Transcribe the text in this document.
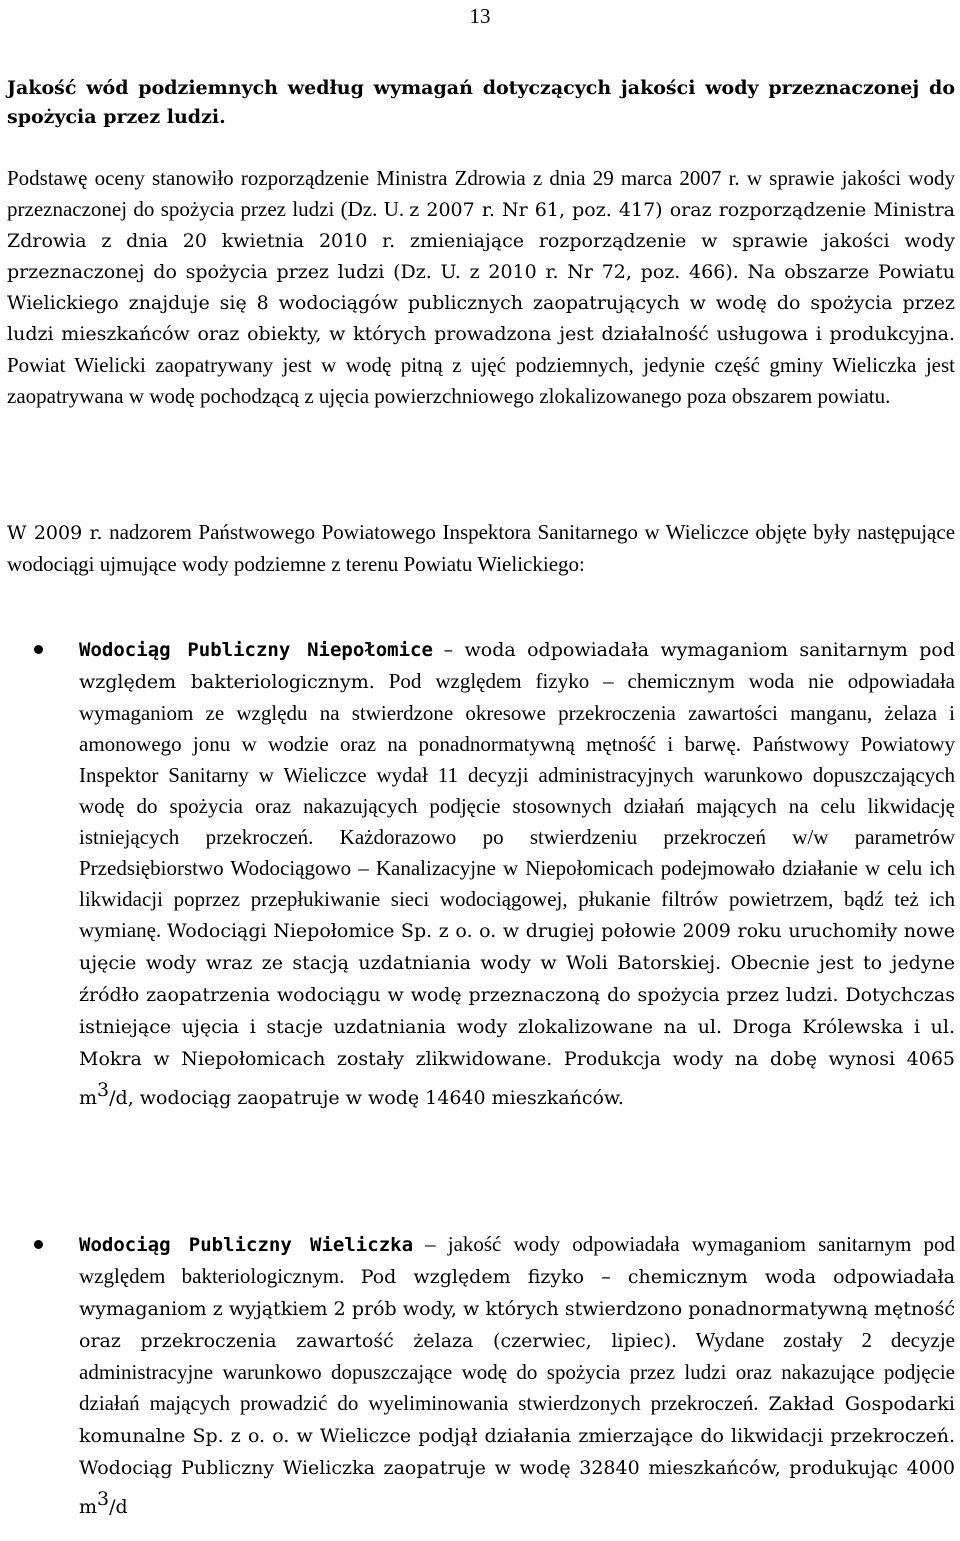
13

Jakość wód podziemnych według wymagań dotyczących jakości wody przeznaczonej do spożycia przez ludzi.

Podstawę oceny stanowiło rozporządzenie Ministra Zdrowia z dnia 29 marca 2007 r. w sprawie jakości wody przeznaczonej do spożycia przez ludzi (Dz. U. z 2007 r. Nr 61, poz. 417) oraz rozporządzenie Ministra Zdrowia z dnia 20 kwietnia 2010 r. zmieniające rozporządzenie w sprawie jakości wody przeznaczonej do spożycia przez ludzi (Dz. U. z 2010 r. Nr 72, poz. 466). Na obszarze Powiatu Wielickiego znajduje się 8 wodociągów publicznych zaopatrujących w wodę do spożycia przez ludzi mieszkańców oraz obiekty, w których prowadzona jest działalność usługowa i produkcyjna. Powiat Wielicki zaopatrywany jest w wodę pitną z ujęć podziemnych, jedynie część gminy Wieliczka jest zaopatrywana w wodę pochodzącą z ujęcia powierzchniowego zlokalizowanego poza obszarem powiatu.

W 2009 r. nadzorem Państwowego Powiatowego Inspektora Sanitarnego w Wieliczce objęte były następujące wodociągi ujmujące wody podziemne z terenu Powiatu Wielickiego:

Wodociąg Publiczny Niepołomice – woda odpowiadała wymaganiom sanitarnym pod względem bakteriologicznym. Pod względem fizyko – chemicznym woda nie odpowiadała wymaganiom ze względu na stwierdzone okresowe przekroczenia zawartości manganu, żelaza i amonowego jonu w wodzie oraz na ponadnormatywną mętność i barwę. Państwowy Powiatowy Inspektor Sanitarny w Wieliczce wydał 11 decyzji administracyjnych warunkowo dopuszczających wodę do spożycia oraz nakazujących podjęcie stosownych działań mających na celu likwidację istniejących przekroczeń. Każdorazowo po stwierdzeniu przekroczeń w/w parametrów Przedsiębiorstwo Wodociągowo – Kanalizacyjne w Niepołomicach podejmowało działanie w celu ich likwidacji poprzez przepłukiwanie sieci wodociągowej, płukanie filtrów powietrzem, bądź też ich wymianę. Wodociągi Niepołomice Sp. z o. o. w drugiej połowie 2009 roku uruchomiły nowe ujęcie wody wraz ze stacją uzdatniania wody w Woli Batorskiej. Obecnie jest to jedyne źródło zaopatrzenia wodociągu w wodę przeznaczoną do spożycia przez ludzi. Dotychczas istniejące ujęcia i stacje uzdatniania wody zlokalizowane na ul. Droga Królewska i ul. Mokra w Niepołomicach zostały zlikwidowane. Produkcja wody na dobę wynosi 4065 $m^3/d$, wodociąg zaopatruje w wodę 14640 mieszkańców.

Wodociąg Publiczny Wieliczka – jakość wody odpowiadała wymaganiom sanitarnym pod względem bakteriologicznym. Pod względem fizyko – chemicznym woda odpowiadała wymaganiom z wyjątkiem 2 prób wody, w których stwierdzono ponadnormatywną mętność oraz przekroczenia zawartość żelaza (czerwiec, lipiec). Wydane zostały 2 decyzje administracyjne warunkowo dopuszczające wodę do spożycia przez ludzi oraz nakazujące podjęcie działań mających prowadzić do wyeliminowania stwierdzonych przekroczeń. Zakład Gospodarki komunalne Sp. z o. o. w Wieliczce podjął działania zmierzające do likwidacji przekroczeń. Wodociąg Publiczny Wieliczka zaopatruje w wodę 32840 mieszkańców, produkując 4000 $m^3/d$
